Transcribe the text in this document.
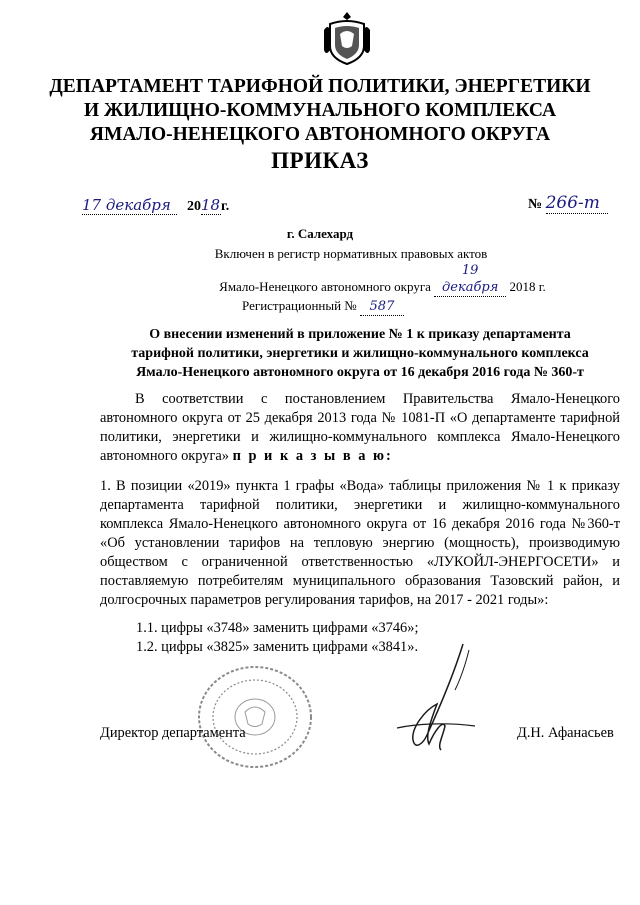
ДЕПАРТАМЕНТ ТАРИФНОЙ ПОЛИТИКИ, ЭНЕРГЕТИКИ
И ЖИЛИЩНО-КОММУНАЛЬНОГО КОМПЛЕКСА
ЯМАЛО-НЕНЕЦКОГО АВТОНОМНОГО ОКРУГА
ПРИКАЗ
17 декабря 2018г.	№ 266-т
г. Салехард
Включен в регистр нормативных правовых актов
Ямало-Ненецкого автономного округа 19 декабря 2018 г.
Регистрационный № 587
О внесении изменений в приложение № 1 к приказу департамента
тарифной политики, энергетики и жилищно-коммунального комплекса
Ямало-Ненецкого автономного округа от 16 декабря 2016 года № 360-т

В соответствии с постановлением Правительства Ямало-Ненецкого автономного округа от 25 декабря 2013 года № 1081-П «О департаменте тарифной политики, энергетики и жилищно-коммунального комплекса Ямало-Ненецкого автономного округа» п р и к а з ы в а ю:

1. В позиции «2019» пункта 1 графы «Вода» таблицы приложения № 1 к приказу департамента тарифной политики, энергетики и жилищно-коммунального комплекса Ямало-Ненецкого автономного округа от 16 декабря 2016 года №360-т «Об установлении тарифов на тепловую энергию (мощность), производимую обществом с ограниченной ответственностью «ЛУКОЙЛ-ЭНЕРГОСЕТИ» и поставляемую потребителям муниципального образования Тазовский район, и долгосрочных параметров регулирования тарифов, на 2017 - 2021 годы»:

1.1. цифры «3748» заменить цифрами «3746»;
1.2. цифры «3825» заменить цифрами «3841».
Директор департамента	Д.Н. Афанасьев
